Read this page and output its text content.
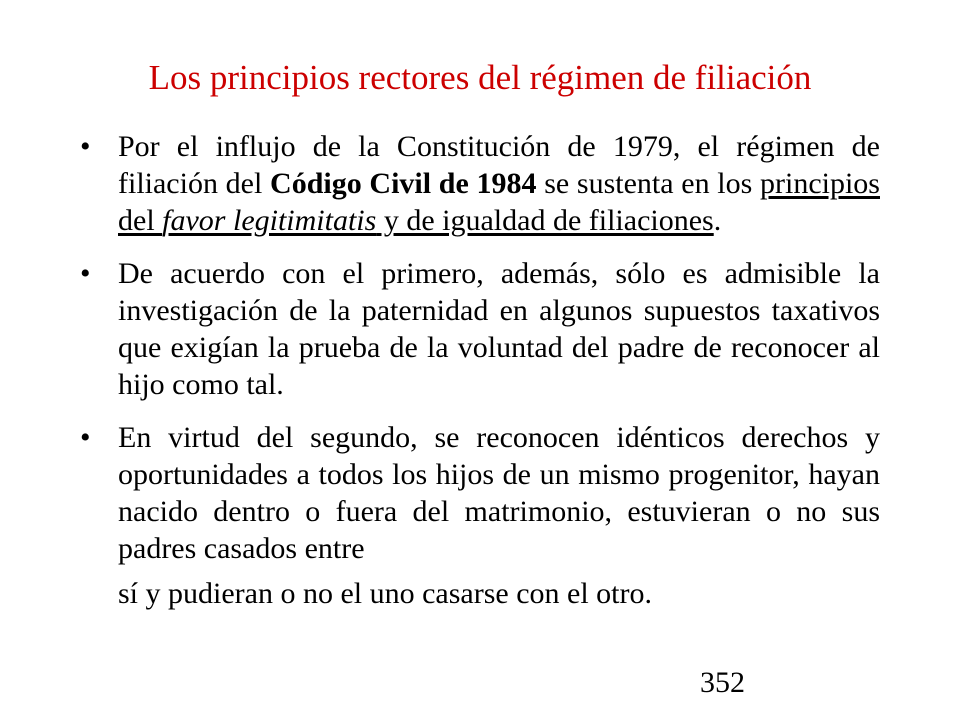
Los principios rectores del régimen de filiación
• Por el influjo de la Constitución de 1979, el régimen de filiación del Código Civil de 1984 se sustenta en los principios del favor legitimitatis y de igualdad de filiaciones.
• De acuerdo con el primero, además, sólo es admisible la investigación de la paternidad en algunos supuestos taxativos que exigían la prueba de la voluntad del padre de reconocer al hijo como tal.
• En virtud del segundo, se reconocen idénticos derechos y oportunidades a todos los hijos de un mismo progenitor, hayan nacido dentro o fuera del matrimonio, estuvieran o no sus padres casados entre
sí y pudieran o no el uno casarse con el otro.
352
